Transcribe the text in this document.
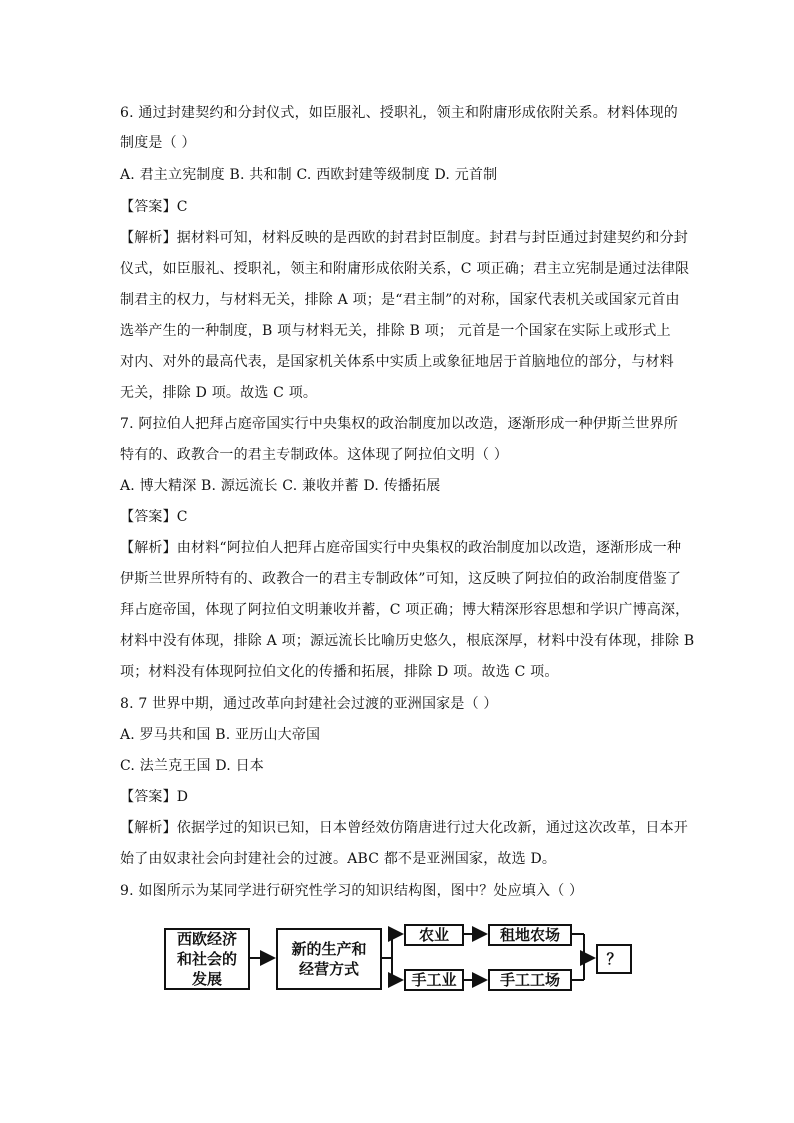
6. 通过封建契约和分封仪式，如臣服礼、授职礼，领主和附庸形成依附关系。材料体现的
制度是（ ）
A. 君主立宪制度 B. 共和制 C. 西欧封建等级制度 D. 元首制
【答案】C
【解析】据材料可知，材料反映的是西欧的封君封臣制度。封君与封臣通过封建契约和分封
仪式，如臣服礼、授职礼，领主和附庸形成依附关系，C 项正确；君主立宪制是通过法律限
制君主的权力，与材料无关，排除 A 项；是“君主制”的对称，国家代表机关或国家元首由
选举产生的一种制度，B 项与材料无关，排除 B 项； 元首是一个国家在实际上或形式上
对内、对外的最高代表，是国家机关体系中实质上或象征地居于首脑地位的部分，与材料
无关，排除 D 项。故选 C 项。
7. 阿拉伯人把拜占庭帝国实行中央集权的政治制度加以改造，逐渐形成一种伊斯兰世界所
特有的、政教合一的君主专制政体。这体现了阿拉伯文明（ ）
A. 博大精深 B. 源远流长 C. 兼收并蓄 D. 传播拓展
【答案】C
【解析】由材料“阿拉伯人把拜占庭帝国实行中央集权的政治制度加以改造，逐渐形成一种
伊斯兰世界所特有的、政教合一的君主专制政体”可知，这反映了阿拉伯的政治制度借鉴了
拜占庭帝国，体现了阿拉伯文明兼收并蓄，C 项正确；博大精深形容思想和学识广博高深，
材料中没有体现，排除 A 项；源远流长比喻历史悠久，根底深厚，材料中没有体现，排除 B
项；材料没有体现阿拉伯文化的传播和拓展，排除 D 项。故选 C 项。
8. 7 世界中期，通过改革向封建社会过渡的亚洲国家是（ ）
A. 罗马共和国 B. 亚历山大帝国
C. 法兰克王国 D. 日本
【答案】D
【解析】依据学过的知识已知，日本曾经效仿隋唐进行过大化改新，通过这次改革，日本开
始了由奴隶社会向封建社会的过渡。ABC 都不是亚洲国家，故选 D。
9. 如图所示为某同学进行研究性学习的知识结构图，图中？处应填入（ ）
西欧经济
和社会的
发展
新的生产和
经营方式
农业	租地农场
手工业	手工工场
？
